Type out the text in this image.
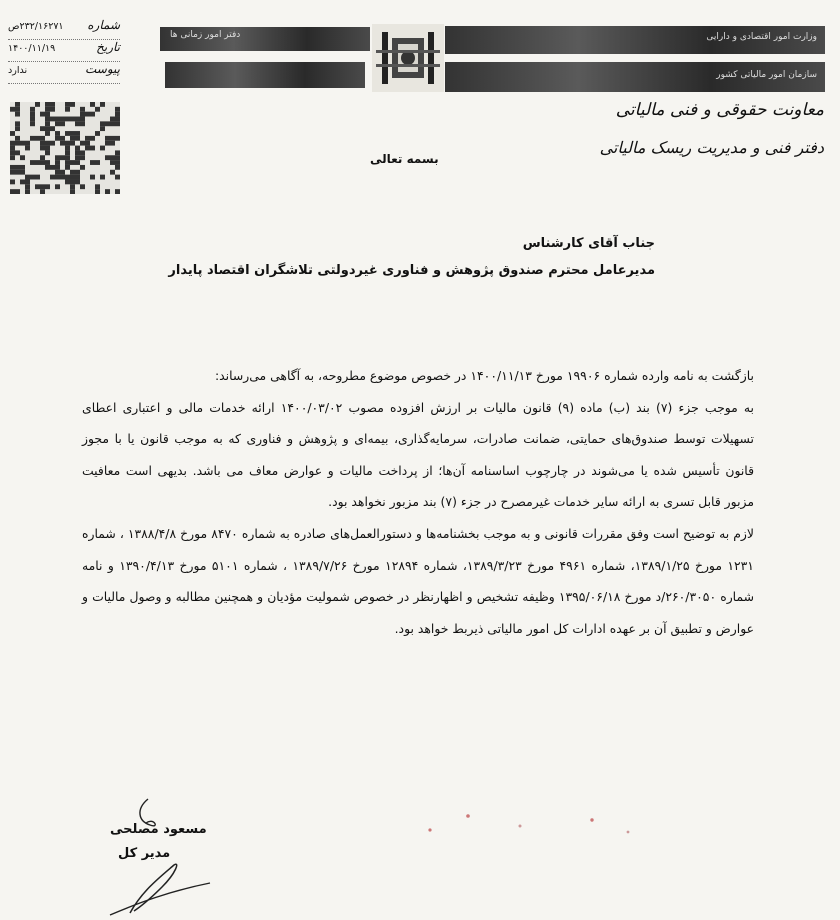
شماره
۲۳۲/۱۶۲۷۱ص
تاریخ
۱۴۰۰/۱۱/۱۹
پیوست
ندارد
دفتر امور زمانی ها	وزارت امور اقتصادی و دارایی
سازمان امور مالیاتی کشور
معاونت حقوقی و فنی مالیاتی
دفتر فنی و مدیریت ریسک مالیاتی
بسمه تعالی
جناب آقای کارشناس
مدیرعامل محترم صندوق پژوهش و فناوری غیردولتی تلاشگران اقتصاد پایدار

بازگشت به نامه وارده شماره ۱۹۹۰۶ مورخ ۱۴۰۰/۱۱/۱۳ در خصوص موضوع مطروحه، به آگاهی می‌رساند:

به موجب جزء (۷) بند (ب) ماده (۹) قانون مالیات بر ارزش افزوده مصوب ۱۴۰۰/۰۳/۰۲ ارائه خدمات مالی و اعتباری اعطای تسهیلات توسط صندوق‌های حمایتی، ضمانت صادرات، سرمایه‌گذاری، بیمه‌ای و پژوهش و فناوری که به موجب قانون یا با مجوز قانون تأسیس شده یا می‌شوند در چارچوب اساسنامه آن‌ها؛ از پرداخت مالیات و عوارض معاف می باشد. بدیهی است معافیت مزبور قابل تسری به ارائه سایر خدمات غیرمصرح در جزء (۷) بند مزبور نخواهد بود.

لازم به توضیح است وفق مقررات قانونی و به موجب بخشنامه‌ها و دستورالعمل‌های صادره به شماره ۸۴۷۰ مورخ ۱۳۸۸/۴/۸ ، شماره ۱۲۳۱ مورخ ۱۳۸۹/۱/۲۵، شماره ۴۹۶۱ مورخ ۱۳۸۹/۳/۲۳، شماره ۱۲۸۹۴ مورخ ۱۳۸۹/۷/۲۶ ، شماره ۵۱۰۱ مورخ ۱۳۹۰/۴/۱۳ و نامه شماره ۲۶۰/۳۰۵۰/د مورخ ۱۳۹۵/۰۶/۱۸ وظیفه تشخیص و اظهارنظر در خصوص شمولیت مؤدیان و همچنین مطالبه و وصول مالیات و عوارض و تطبیق آن بر عهده ادارات کل امور مالیاتی ذیربط خواهد بود.

مسعود مصلحی
مدیر کل
